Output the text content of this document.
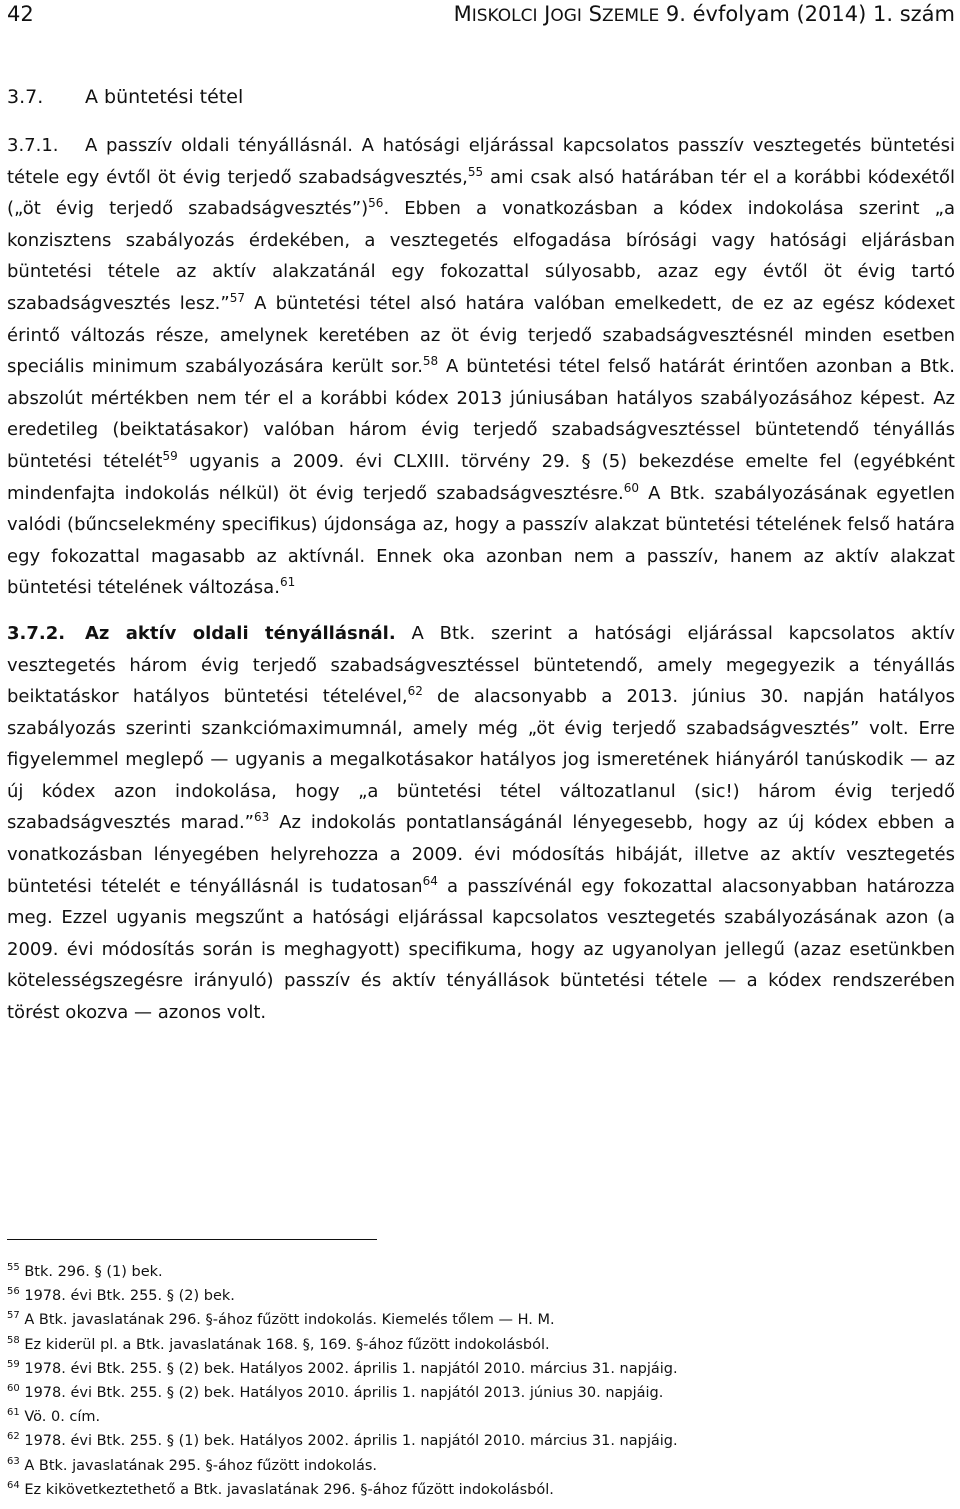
42	MISKOLCI JOGI SZEMLE 9. évfolyam (2014) 1. szám
3.7. A büntetési tétel

3.7.1. A passzív oldali tényállásnál. A hatósági eljárással kapcsolatos passzív vesztegetés büntetési tétele egy évtől öt évig terjedő szabadságvesztés,$^{55}$ ami csak alsó határában tér el a korábbi kódexétől („öt évig terjedő szabadságvesztés”)$^{56}$. Ebben a vonatkozásban a kódex indokolása szerint „a konzisztens szabályozás érdekében, a vesztegetés elfogadása bírósági vagy hatósági eljárásban büntetési tétele az aktív alakzatánál egy fokozattal súlyosabb, azaz egy évtől öt évig tartó szabadságvesztés lesz.”$^{57}$ A büntetési tétel alsó határa valóban emelkedett, de ez az egész kódexet érintő változás része, amelynek keretében az öt évig terjedő szabadságvesztésnél minden esetben speciális minimum szabályozására került sor.$^{58}$ A büntetési tétel felső határát érintően azonban a Btk. abszolút mértékben nem tér el a korábbi kódex 2013 júniusában hatályos szabályozásához képest. Az eredetileg (beiktatásakor) valóban három évig terjedő szabadságvesztéssel büntetendő tényállás büntetési tételét$^{59}$ ugyanis a 2009. évi CLXIII. törvény 29. § (5) bekezdése emelte fel (egyébként mindenfajta indokolás nélkül) öt évig terjedő szabadságvesztésre.$^{60}$ A Btk. szabályozásának egyetlen valódi (bűncselekmény specifikus) újdonsága az, hogy a passzív alakzat büntetési tételének felső határa egy fokozattal magasabb az aktívnál. Ennek oka azonban nem a passzív, hanem az aktív alakzat büntetési tételének változása.$^{61}$

3.7.2. Az aktív oldali tényállásnál. A Btk. szerint a hatósági eljárással kapcsolatos aktív vesztegetés három évig terjedő szabadságvesztéssel büntetendő, amely megegyezik a tényállás beiktatáskor hatályos büntetési tételével,$^{62}$ de alacsonyabb a 2013. június 30. napján hatályos szabályozás szerinti szankciómaximumnál, amely még „öt évig terjedő szabadságvesztés” volt. Erre figyelemmel meglepő — ugyanis a megalkotásakor hatályos jog ismeretének hiányáról tanúskodik — az új kódex azon indokolása, hogy „a büntetési tétel változatlanul (sic!) három évig terjedő szabadságvesztés marad.”$^{63}$ Az indokolás pontatlanságánál lényegesebb, hogy az új kódex ebben a vonatkozásban lényegében helyrehozza a 2009. évi módosítás hibáját, illetve az aktív vesztegetés büntetési tételét e tényállásnál is tudatosan$^{64}$ a passzívénál egy fokozattal alacsonyabban határozza meg. Ezzel ugyanis megszűnt a hatósági eljárással kapcsolatos vesztegetés szabályozásának azon (a 2009. évi módosítás során is meghagyott) specifikuma, hogy az ugyanolyan jellegű (azaz esetünkben kötelességszegésre irányuló) passzív és aktív tényállások büntetési tétele — a kódex rendszerében törést okozva — azonos volt.

$^{55}$ Btk. 296. § (1) bek.
$^{56}$ 1978. évi Btk. 255. § (2) bek.
$^{57}$ A Btk. javaslatának 296. §-ához fűzött indokolás. Kiemelés tőlem — H. M.
$^{58}$ Ez kiderül pl. a Btk. javaslatának 168. §, 169. §-ához fűzött indokolásból.
$^{59}$ 1978. évi Btk. 255. § (2) bek. Hatályos 2002. április 1. napjától 2010. március 31. napjáig.
$^{60}$ 1978. évi Btk. 255. § (2) bek. Hatályos 2010. április 1. napjától 2013. június 30. napjáig.
$^{61}$ Vö. 0. cím.
$^{62}$ 1978. évi Btk. 255. § (1) bek. Hatályos 2002. április 1. napjától 2010. március 31. napjáig.
$^{63}$ A Btk. javaslatának 295. §-ához fűzött indokolás.
$^{64}$ Ez kikövetkeztethető a Btk. javaslatának 296. §-ához fűzött indokolásból.
